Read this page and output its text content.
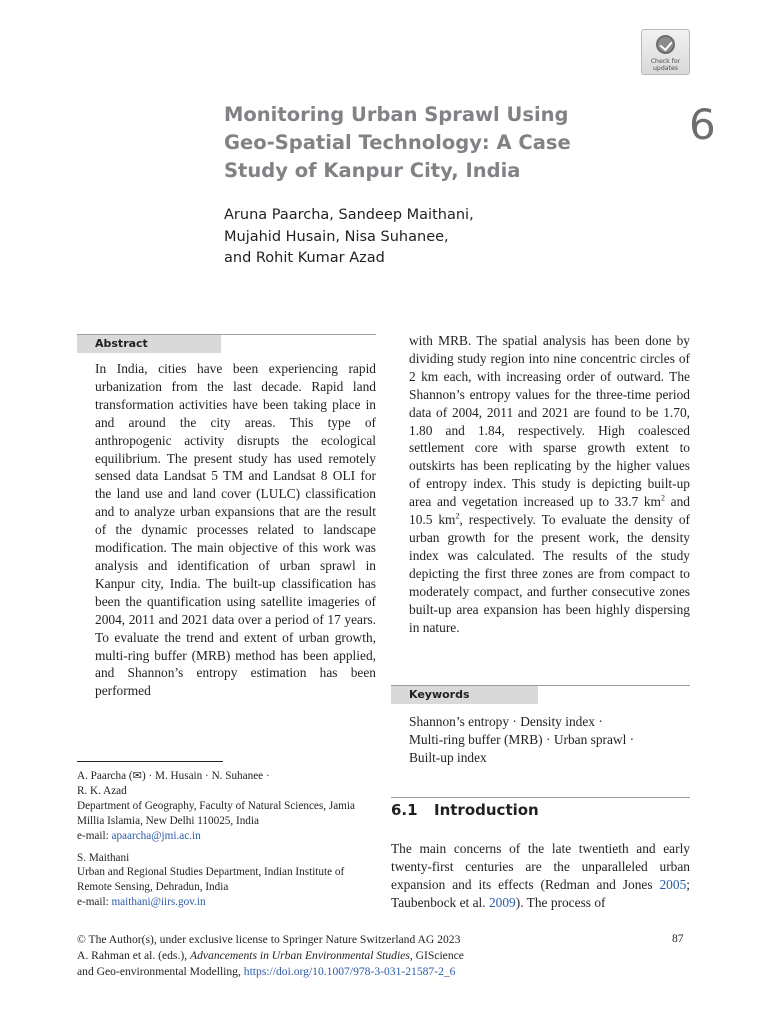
Check for
updates
6
Monitoring Urban Sprawl Using Geo-Spatial Technology: A Case Study of Kanpur City, India
Aruna Paarcha, Sandeep Maithani,
Mujahid Husain, Nisa Suhanee,
and Rohit Kumar Azad
Abstract

In India, cities have been experiencing rapid urbanization from the last decade. Rapid land transformation activities have been taking place in and around the city areas. This type of anthropogenic activity disrupts the ecological equilibrium. The present study has used remotely sensed data Landsat 5 TM and Landsat 8 OLI for the land use and land cover (LULC) classification and to analyze urban expansions that are the result of the dynamic processes related to landscape modification. The main objective of this work was analysis and identification of urban sprawl in Kanpur city, India. The built-up classification has been the quantification using satellite imageries of 2004, 2011 and 2021 data over a period of 17 years. To evaluate the trend and extent of urban growth, multi-ring buffer (MRB) method has been applied, and Shannon’s entropy estimation has been performed

with MRB. The spatial analysis has been done by dividing study region into nine concentric circles of 2 km each, with increasing order of outward. The Shannon’s entropy values for the three-time period data of 2004, 2011 and 2021 are found to be 1.70, 1.80 and 1.84, respectively. High coalesced settlement core with sparse growth extent to outskirts has been replicating by the higher values of entropy index. This study is depicting built-up area and vegetation increased up to 33.7 $km^2$ and 10.5 $km^2$, respectively. To evaluate the density of urban growth for the present work, the density index was calculated. The results of the study depicting the first three zones are from compact to moderately compact, and further consecutive zones built-up area expansion has been highly dispersing in nature.

Keywords
Shannon’s entropy · Density index ·
Multi-ring buffer (MRB) · Urban sprawl ·
Built-up index

A. Paarcha (✉) · M. Husain · N. Suhanee ·

R. K. Azad

Department of Geography, Faculty of Natural Sciences, Jamia Millia Islamia, New Delhi 110025, India

e-mail: apaarcha@jmi.ac.in

S. Maithani

Urban and Regional Studies Department, Indian Institute of Remote Sensing, Dehradun, India

e-mail: maithani@iirs.gov.in

6.1 Introduction

The main concerns of the late twentieth and early twenty-first centuries are the unparalleled urban expansion and its effects (Redman and Jones 2005; Taubenbock et al. 2009). The process of

© The Author(s), under exclusive license to Springer Nature Switzerland AG 2023
A. Rahman et al. (eds.), Advancements in Urban Environmental Studies, GIScience
and Geo-environmental Modelling, https://doi.org/10.1007/978-3-031-21587-2_6
87
